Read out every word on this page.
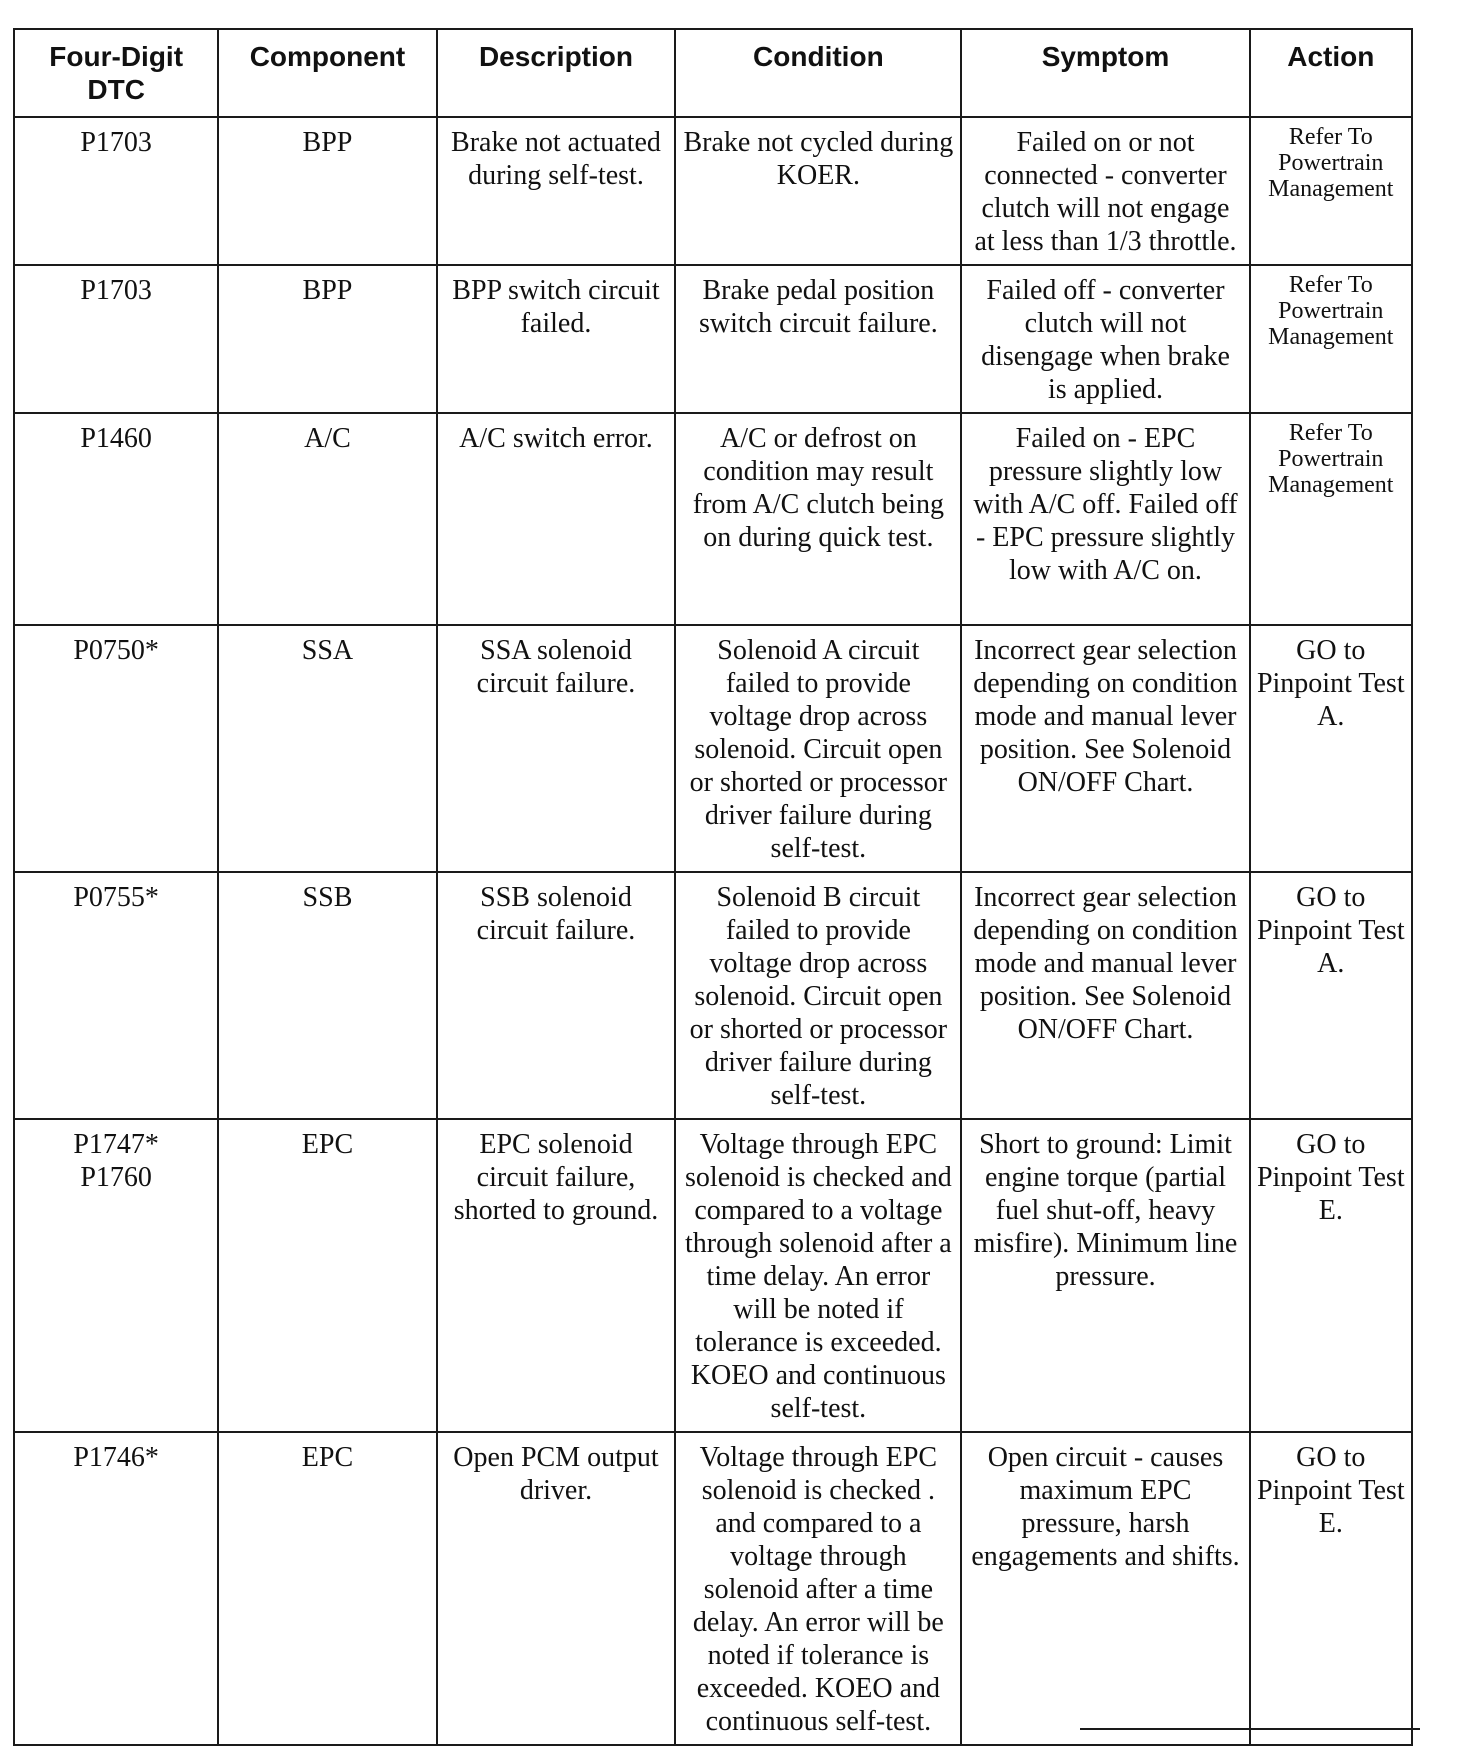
Four-Digit
DTC	Component	Description	Condition	Symptom	Action

P1703	BPP	Brake not actuated during self-test.	Brake not cycled during KOER.	Failed on or not connected - converter clutch will not engage at less than 1/3 throttle.	Refer To Powertrain Management

P1703	BPP	BPP switch circuit failed.	Brake pedal position switch circuit failure.	Failed off - converter clutch will not disengage when brake is applied.	Refer To Powertrain Management

P1460	A/C	A/C switch error.	A/C or defrost on condition may result from A/C clutch being on during quick test.	Failed on - EPC pressure slightly low with A/C off. Failed off - EPC pressure slightly low with A/C on.	Refer To Powertrain Management

P0750*	SSA	SSA solenoid circuit failure.	Solenoid A circuit failed to provide voltage drop across solenoid. Circuit open or shorted or processor driver failure during self-test.	Incorrect gear selection depending on condition mode and manual lever position. See Solenoid ON/OFF Chart.	GO to Pinpoint Test A.

P0755*	SSB	SSB solenoid circuit failure.	Solenoid B circuit failed to provide voltage drop across solenoid. Circuit open or shorted or processor driver failure during self-test.	Incorrect gear selection depending on condition mode and manual lever position. See Solenoid ON/OFF Chart.	GO to Pinpoint Test A.

P1747*
P1760	EPC	EPC solenoid circuit failure, shorted to ground.	Voltage through EPC solenoid is checked and compared to a voltage through solenoid after a time delay. An error will be noted if tolerance is exceeded. KOEO and continuous self-test.	Short to ground: Limit engine torque (partial fuel shut-off, heavy misfire). Minimum line pressure.	GO to Pinpoint Test E.

P1746*	EPC	Open PCM output driver.	Voltage through EPC solenoid is checked . and compared to a voltage through solenoid after a time delay. An error will be noted if tolerance is exceeded. KOEO and continuous self-test.	Open circuit - causes maximum EPC pressure, harsh engagements and shifts.	GO to Pinpoint Test E.
